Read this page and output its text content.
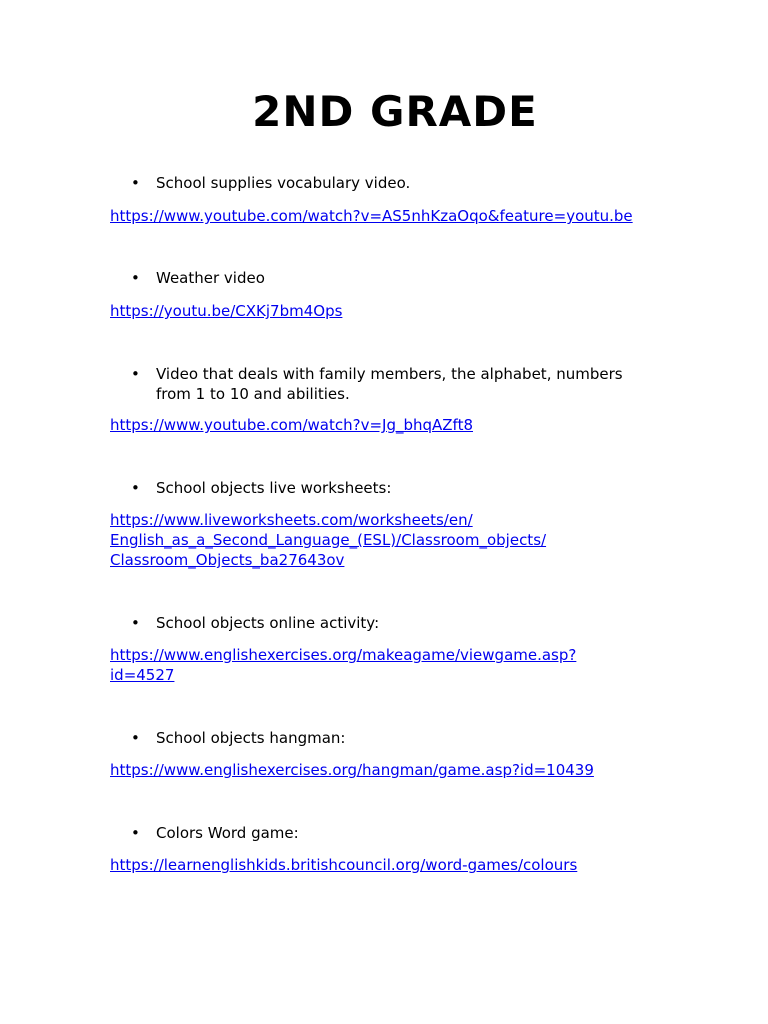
2ND GRADE
•	School supplies vocabulary video.
https://www.youtube.com/watch?v=AS5nhKzaOqo&feature=youtu.be
•	Weather video
https://youtu.be/CXKj7bm4Ops
•	Video that deals with family members, the alphabet, numbers
from 1 to 10 and abilities.
https://www.youtube.com/watch?v=Jg_bhqAZft8
•	School objects live worksheets:
https://www.liveworksheets.com/worksheets/en/
English_as_a_Second_Language_(ESL)/Classroom_objects/
Classroom_Objects_ba27643ov
•	School objects online activity:
https://www.englishexercises.org/makeagame/viewgame.asp?
id=4527
•	School objects hangman:
https://www.englishexercises.org/hangman/game.asp?id=10439
•	Colors Word game:
https://learnenglishkids.britishcouncil.org/word-games/colours
